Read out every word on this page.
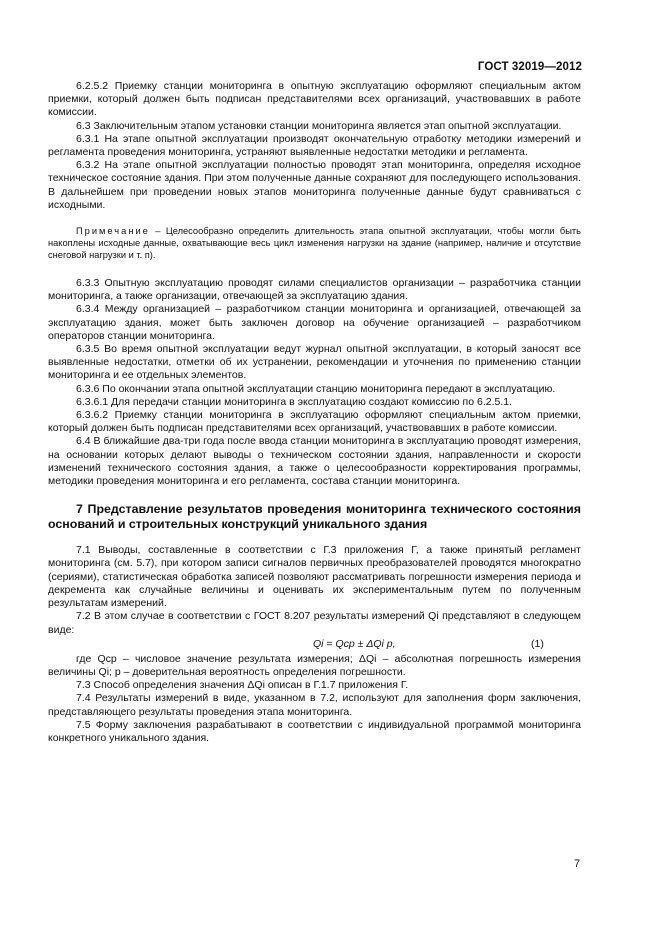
ГОСТ 32019—2012

6.2.5.2 Приемку станции мониторинга в опытную эксплуатацию оформляют специальным актом приемки, который должен быть подписан представителями всех организаций, участвовавших в работе комиссии.

6.3 Заключительным этапом установки станции мониторинга является этап опытной эксплуатации.

6.3.1 На этапе опытной эксплуатации производят окончательную отработку методики измерений и регламента проведения мониторинга, устраняют выявленные недостатки методики и регламента.

6.3.2 На этапе опытной эксплуатации полностью проводят этап мониторинга, определяя исходное техническое состояние здания. При этом полученные данные сохраняют для последующего использования. В дальнейшем при проведении новых этапов мониторинга полученные данные будут сравниваться с исходными.

Примечание – Целесообразно определить длительность этапа опытной эксплуатации, чтобы могли быть накоплены исходные данные, охватывающие весь цикл изменения нагрузки на здание (например, наличие и отсутствие снеговой нагрузки и т. п).

6.3.3 Опытную эксплуатацию проводят силами специалистов организации – разработчика станции мониторинга, а также организации, отвечающей за эксплуатацию здания.

6.3.4 Между организацией – разработчиком станции мониторинга и организацией, отвечающей за эксплуатацию здания, может быть заключен договор на обучение организацией – разработчиком операторов станции мониторинга.

6.3.5 Во время опытной эксплуатации ведут журнал опытной эксплуатации, в который заносят все выявленные недостатки, отметки об их устранении, рекомендации и уточнения по применению станции мониторинга и ее отдельных элементов.

6.3.6 По окончании этапа опытной эксплуатации станцию мониторинга передают в эксплуатацию.

6.3.6.1 Для передачи станции мониторинга в эксплуатацию создают комиссию по 6.2.5.1.

6.3.6.2 Приемку станции мониторинга в эксплуатацию оформляют специальным актом приемки, который должен быть подписан представителями всех организаций, участвовавших в работе комиссии.

6.4 В ближайшие два-три года после ввода станции мониторинга в эксплуатацию проводят измерения, на основании которых делают выводы о техническом состоянии здания, направленности и скорости изменений технического состояния здания, а также о целесообразности корректирования программы, методики проведения мониторинга и его регламента, состава станции мониторинга.

7 Представление результатов проведения мониторинга технического состояния оснований и строительных конструкций уникального здания

7.1 Выводы, составленные в соответствии с Г.3 приложения Г, а также принятый регламент мониторинга (см. 5.7), при котором записи сигналов первичных преобразователей проводятся многократно (сериями), статистическая обработка записей позволяют рассматривать погрешности измерения периода и декремента как случайные величины и оценивать их экспериментальным путем по полученным результатам измерений.

7.2 В этом случае в соответствии с ГОСТ 8.207 результаты измерений Qi представляют в следующем виде:

Qi = Qср ± ΔQi p,	(1)

где Qср – числовое значение результата измерения; ΔQi – абсолютная погрешность измерения величины Qi; p – доверительная вероятность определения погрешности.

7.3 Способ определения значения ΔQi описан в Г.1.7 приложения Г.

7.4 Результаты измерений в виде, указанном в 7.2, используют для заполнения форм заключения, представляющего результаты проведения этапа мониторинга.

7.5 Форму заключения разрабатывают в соответствии с индивидуальной программой мониторинга конкретного уникального здания.

7
